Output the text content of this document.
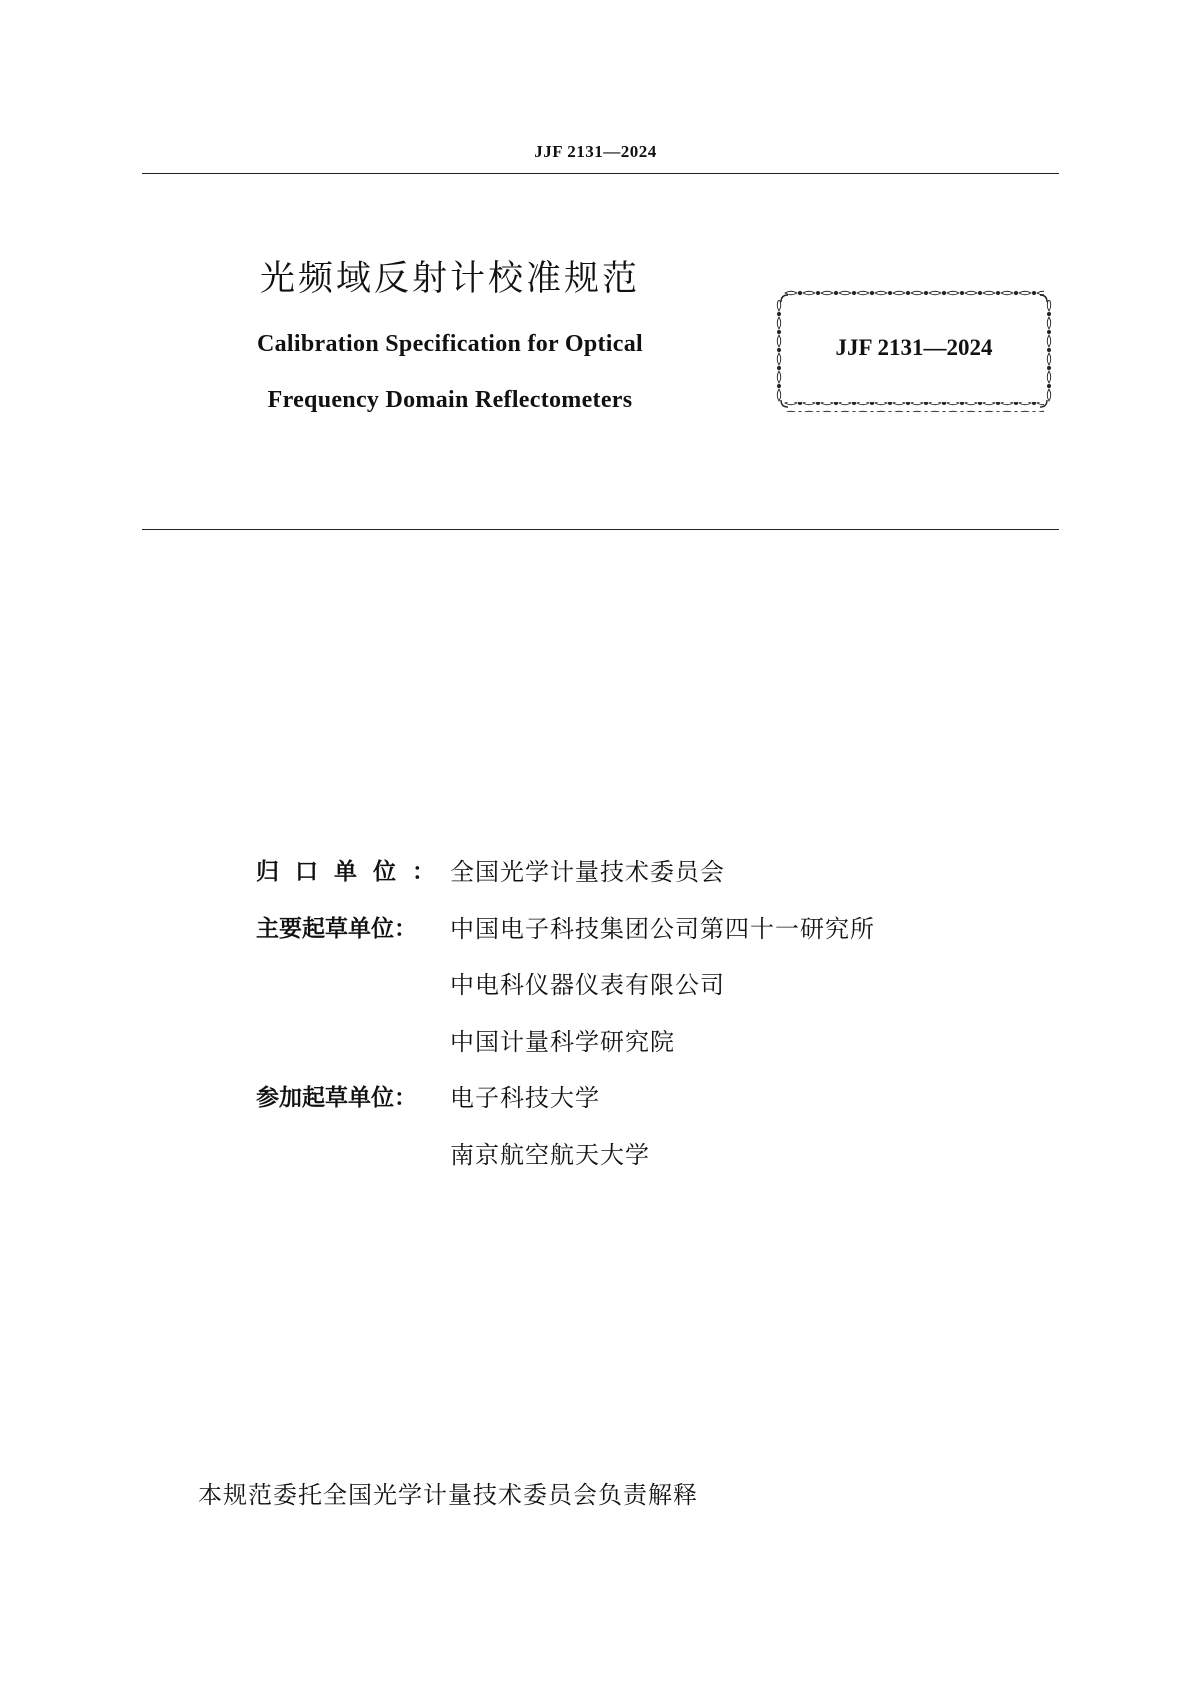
JJF 2131—2024
光频域反射计校准规范
Calibration Specification for Optical
Frequency Domain Reflectometers
JJF 2131—2024
归口单位： 全国光学计量技术委员会
主要起草单位：	中国电子科技集团公司第四十一研究所
中电科仪器仪表有限公司
中国计量科学研究院
参加起草单位：	电子科技大学
南京航空航天大学
本规范委托全国光学计量技术委员会负责解释
